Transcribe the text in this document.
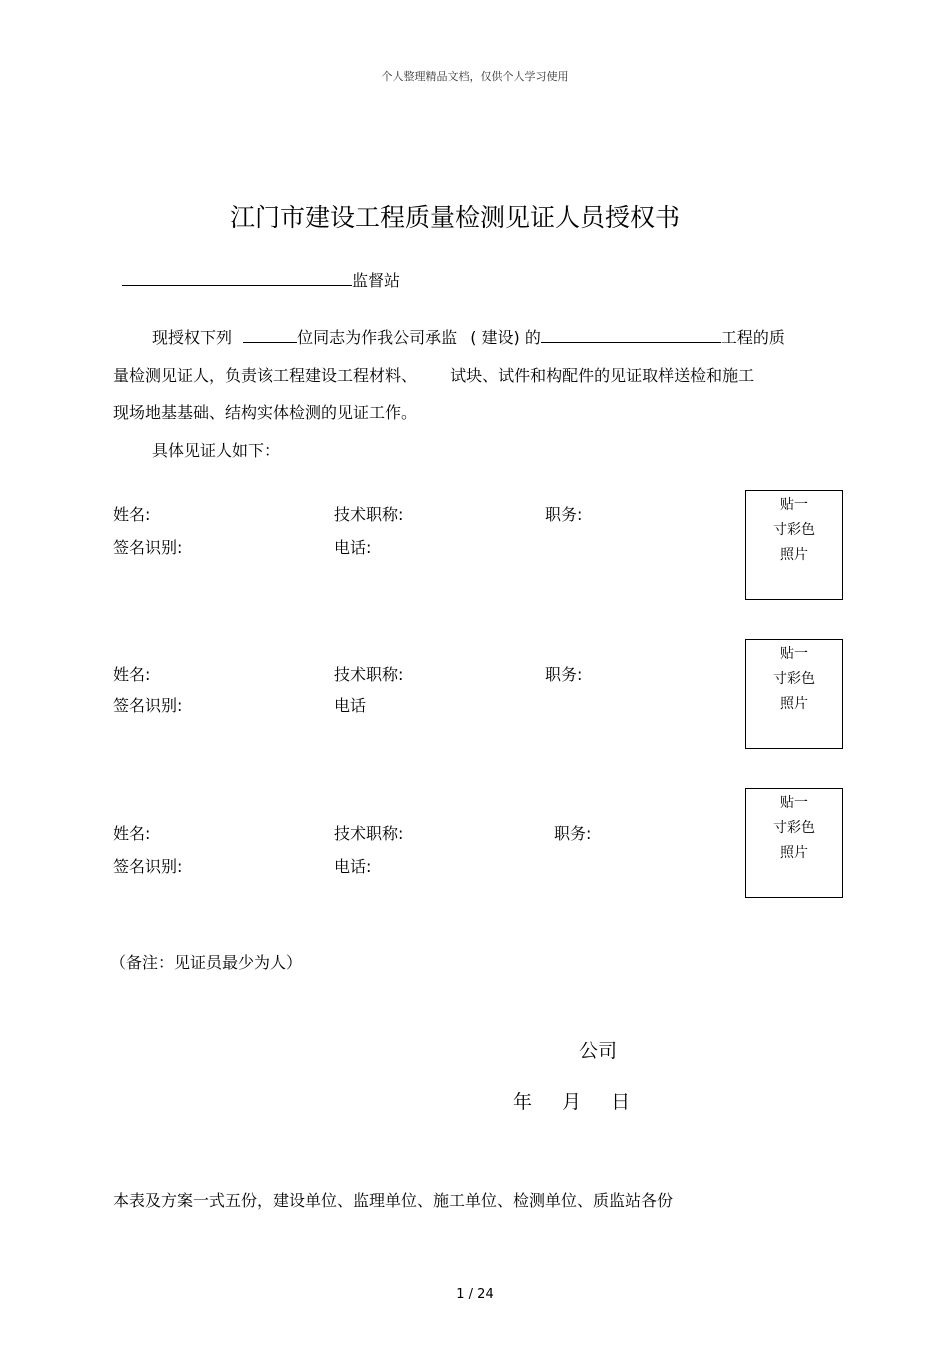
个人整理精品文档，仅供个人学习使用
江门市建设工程质量检测见证人员授权书
监督站
现授权下列	位同志为作我公司承监 ( 建设) 的	工程的质
量检测见证人，负责该工程建设工程材料、 试块、试件和构配件的见证取样送检和施工
现场地基基础、结构实体检测的见证工作。
具体见证人如下：
姓名:	技术职称:	职务:
签名识别:	电话:
贴一
寸彩色
照片
姓名:	技术职称:	职务:
签名识别:	电话
贴一
寸彩色
照片
姓名:	技术职称:	职务:
签名识别:	电话:
贴一
寸彩色
照片
（备注：见证员最少为人）
公司
年 月 日
本表及方案一式五份，建设单位、监理单位、施工单位、检测单位、质监站各份
1 / 24
